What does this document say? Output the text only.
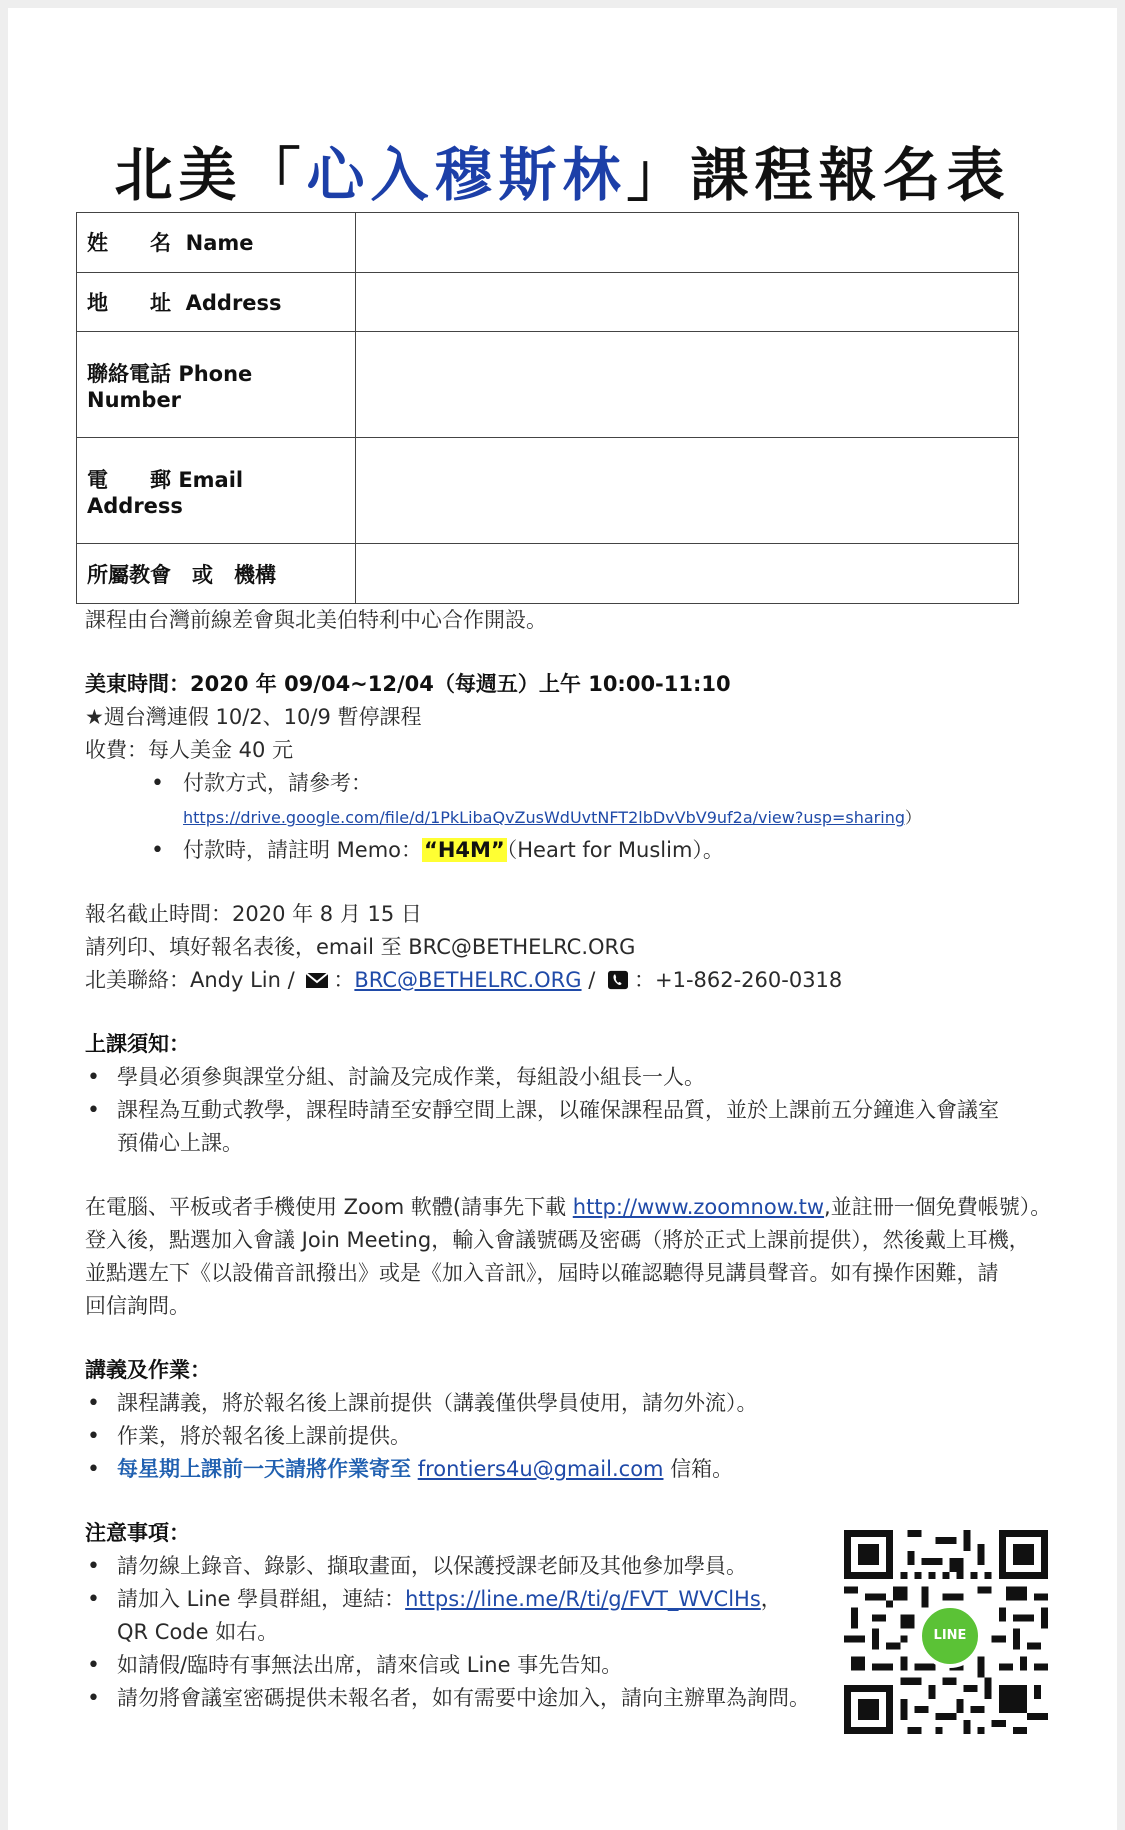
北美「心入穆斯林」課程報名表
姓　　名 Name	
地　　址 Address	
聯絡電話 Phone Number	
電　　郵 Email Address	
所屬教會　或　機構	

課程由台灣前線差會與北美伯特利中心合作開設。

美東時間：2020 年 09/04~12/04（每週五）上午 10:00-11:10

★週台灣連假 10/2、10/9 暫停課程

收費：每人美金 40 元

• 付款方式，請參考：
https://drive.google.com/file/d/1PkLibaQvZusWdUvtNFT2lbDvVbV9uf2a/view?usp=sharing）
• 付款時，請註明 Memo：“H4M”（Heart for Muslim）。

報名截止時間：2020 年 8 月 15 日

請列印、填好報名表後，email 至 BRC@BETHELRC.ORG

北美聯絡：Andy Lin / ：BRC@BETHELRC.ORG / ：+1-862-260-0318

上課須知：

• 學員必須參與課堂分組、討論及完成作業，每組設小組長一人。
• 課程為互動式教學，課程時請至安靜空間上課，以確保課程品質，並於上課前五分鐘進入會議室
預備心上課。

在電腦、平板或者手機使用 Zoom 軟體(請事先下載 http://www.zoomnow.tw,並註冊一個免費帳號）。

登入後，點選加入會議 Join Meeting，輸入會議號碼及密碼（將於正式上課前提供），然後戴上耳機，

並點選左下《以設備音訊撥出》或是《加入音訊》，屆時以確認聽得見講員聲音。如有操作困難，請

回信詢問。

講義及作業：

• 課程講義，將於報名後上課前提供（講義僅供學員使用，請勿外流）。
• 作業，將於報名後上課前提供。
• 每星期上課前一天請將作業寄至 frontiers4u@gmail.com 信箱。

注意事項：

• 請勿線上錄音、錄影、擷取畫面，以保護授課老師及其他參加學員。
• 請加入 Line 學員群組，連結：https://line.me/R/ti/g/FVT_WVClHs，
QR Code 如右。
• 如請假/臨時有事無法出席，請來信或 Line 事先告知。
• 請勿將會議室密碼提供未報名者，如有需要中途加入，請向主辦單為詢問。
LINE
